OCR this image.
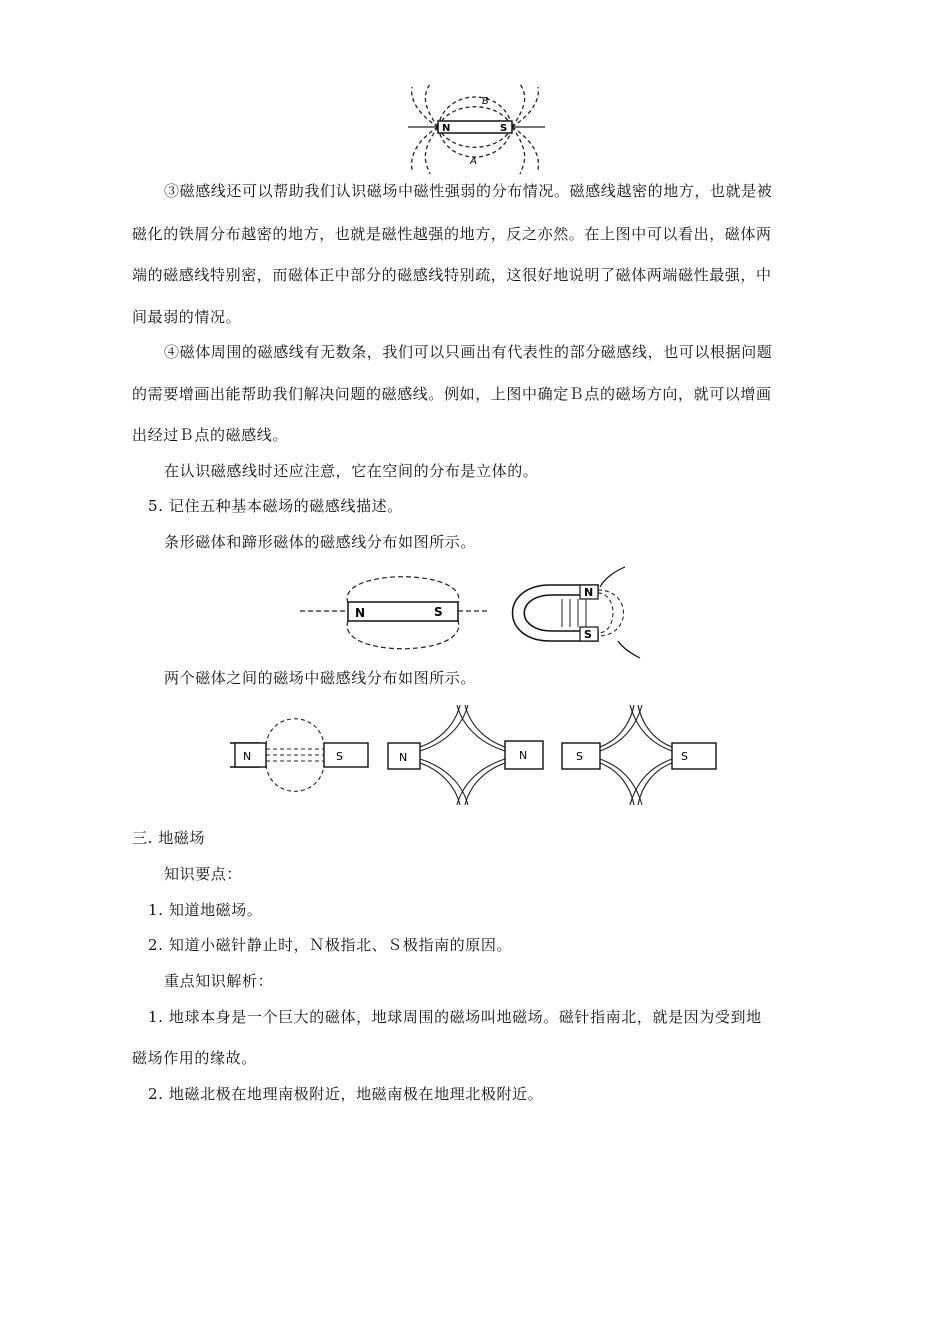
N	S
B
A
③磁感线还可以帮助我们认识磁场中磁性强弱的分布情况。磁感线越密的地方，也就是被
磁化的铁屑分布越密的地方，也就是磁性越强的地方，反之亦然。在上图中可以看出，磁体两
端的磁感线特别密，而磁体正中部分的磁感线特别疏，这很好地说明了磁体两端磁性最强，中
间最弱的情况。
④磁体周围的磁感线有无数条，我们可以只画出有代表性的部分磁感线，也可以根据问题
的需要增画出能帮助我们解决问题的磁感线。例如，上图中确定Ｂ点的磁场方向，就可以增画
出经过Ｂ点的磁感线。
在认识磁感线时还应注意，它在空间的分布是立体的。
5. 记住五种基本磁场的磁感线描述。
条形磁体和蹄形磁体的磁感线分布如图所示。
N	S
N
S
两个磁体之间的磁场中磁感线分布如图所示。
N	S	N	N	S	S
三. 地磁场
知识要点：
1. 知道地磁场。
2. 知道小磁针静止时，Ｎ极指北、Ｓ极指南的原因。
重点知识解析：
1. 地球本身是一个巨大的磁体，地球周围的磁场叫地磁场。磁针指南北，就是因为受到地
磁场作用的缘故。
2. 地磁北极在地理南极附近，地磁南极在地理北极附近。
